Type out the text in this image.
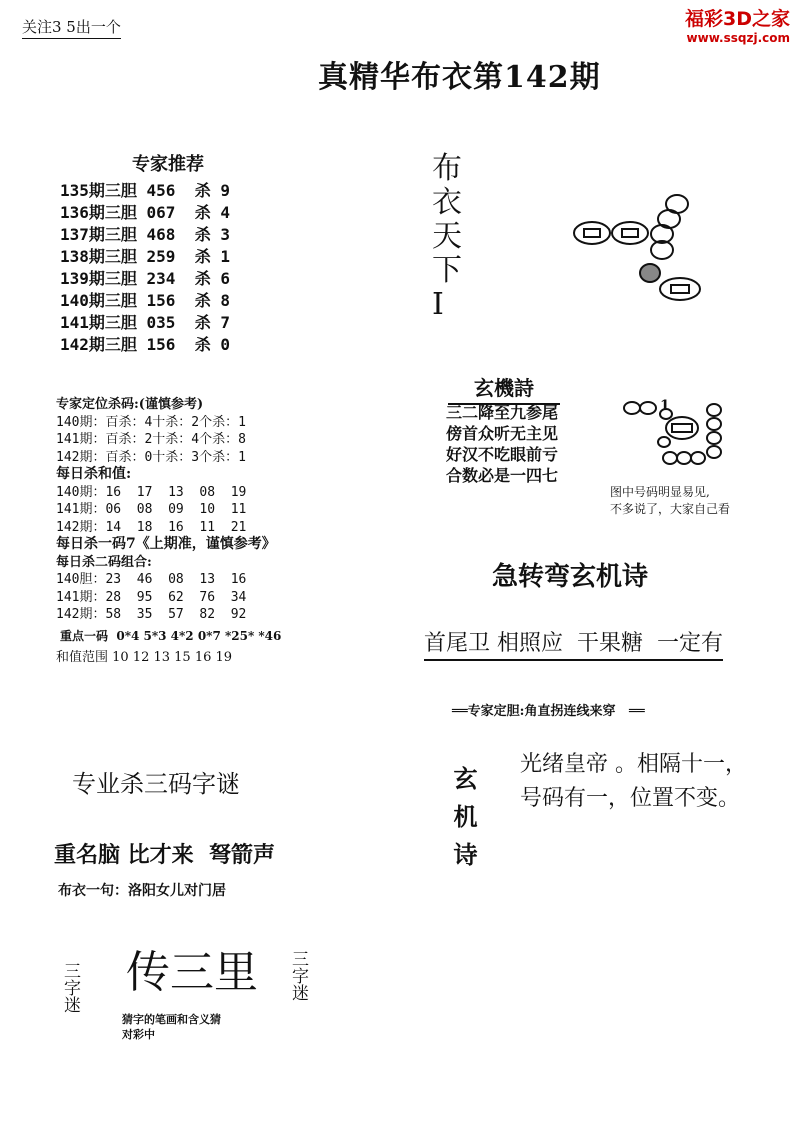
关注3 5出一个	福彩3D之家
www.ssqzj.com
真精华布衣第142期
专家推荐
135期三胆 456  杀 9
136期三胆 067  杀 4
137期三胆 468  杀 3
138期三胆 259  杀 1
139期三胆 234  杀 6
140期三胆 156  杀 8
141期三胆 035  杀 7
142期三胆 156  杀 0
专家定位杀码:(谨慎参考)
140期：百杀：4十杀：2个杀：1
141期：百杀：2十杀：4个杀：8
142期：百杀：0十杀：3个杀：1
每日杀和值:
140期：16  17  13  08  19
141期：06  08  09  10  11
142期：14  18  16  11  21
每日杀一码7《上期准，谨慎参考》
每日杀二码组合:
140胆：23  46  08  13  16
141期：28  95  62  76  34
142期：58  35  57  82  92
重点一码  0*4 5*3 4*2 0*7 *25* *46
和值范围 10 12 13 15 16 19
专业杀三码字谜
重名脑 比才来  弩箭声
布衣一句：洛阳女儿对门居
三字迷 传三里 三字迷
猜字的笔画和含义猜
对彩中
布衣天下I
玄機詩
三二降至九参尾
傍首众听无主见
好汉不吃眼前亏
合数必是一四七
1
图中号码明显易见,
不多说了，大家自己看
急转弯玄机诗
首尾卫 相照应  干果糖  一定有
══专家定胆:角直拐连线来穿   ══
玄机诗
光绪皇帝 。相隔十一，
号码有一，位置不变。
